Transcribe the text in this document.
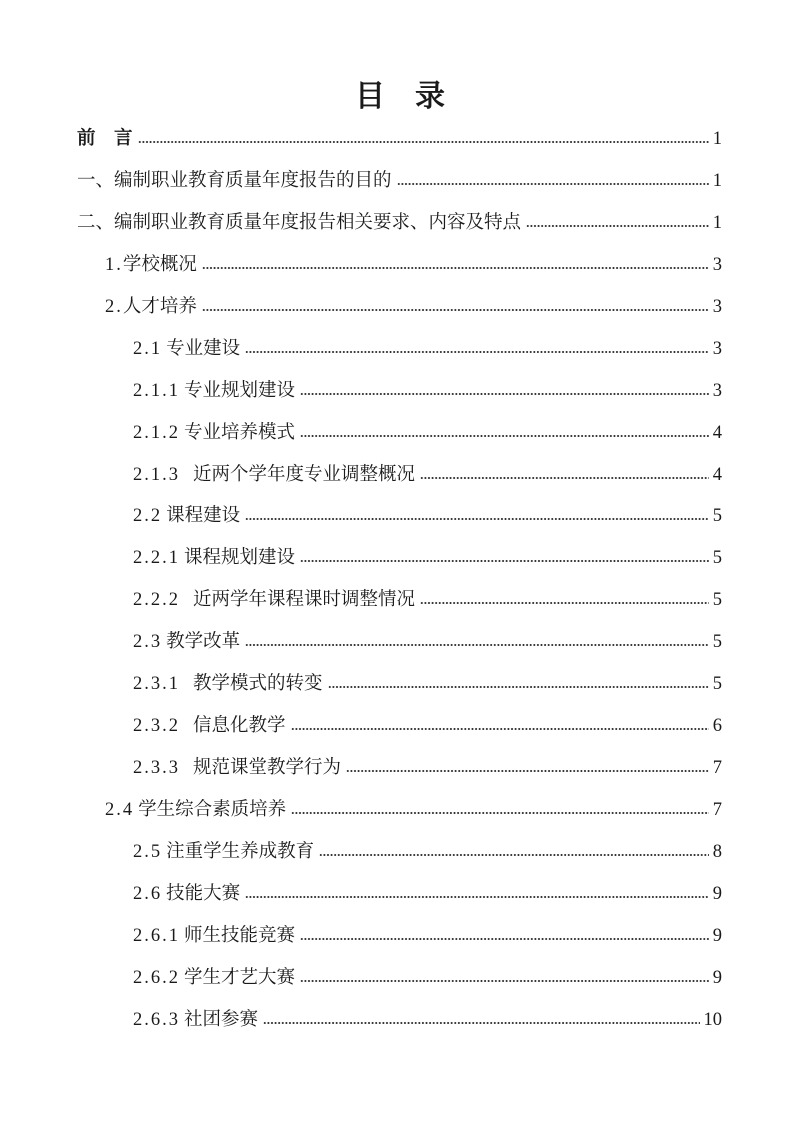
目　录
前　言	1
一、编制职业教育质量年度报告的目的	1
二、编制职业教育质量年度报告相关要求、内容及特点	1
1. 学校概况	3
2. 人才培养	3
2.1 专业建设	3
2.1.1 专业规划建设	3
2.1.2 专业培养模式	4
2.1.3 近两个学年度专业调整概况	4
2.2 课程建设	5
2.2.1 课程规划建设	5
2.2.2 近两学年课程课时调整情况	5
2.3 教学改革	5
2.3.1 教学模式的转变	5
2.3.2 信息化教学	6
2.3.3 规范课堂教学行为	7
2.4 学生综合素质培养	7
2.5 注重学生养成教育	8
2.6 技能大赛	9
2.6.1 师生技能竞赛	9
2.6.2 学生才艺大赛	9
2.6.3 社团参赛	10
